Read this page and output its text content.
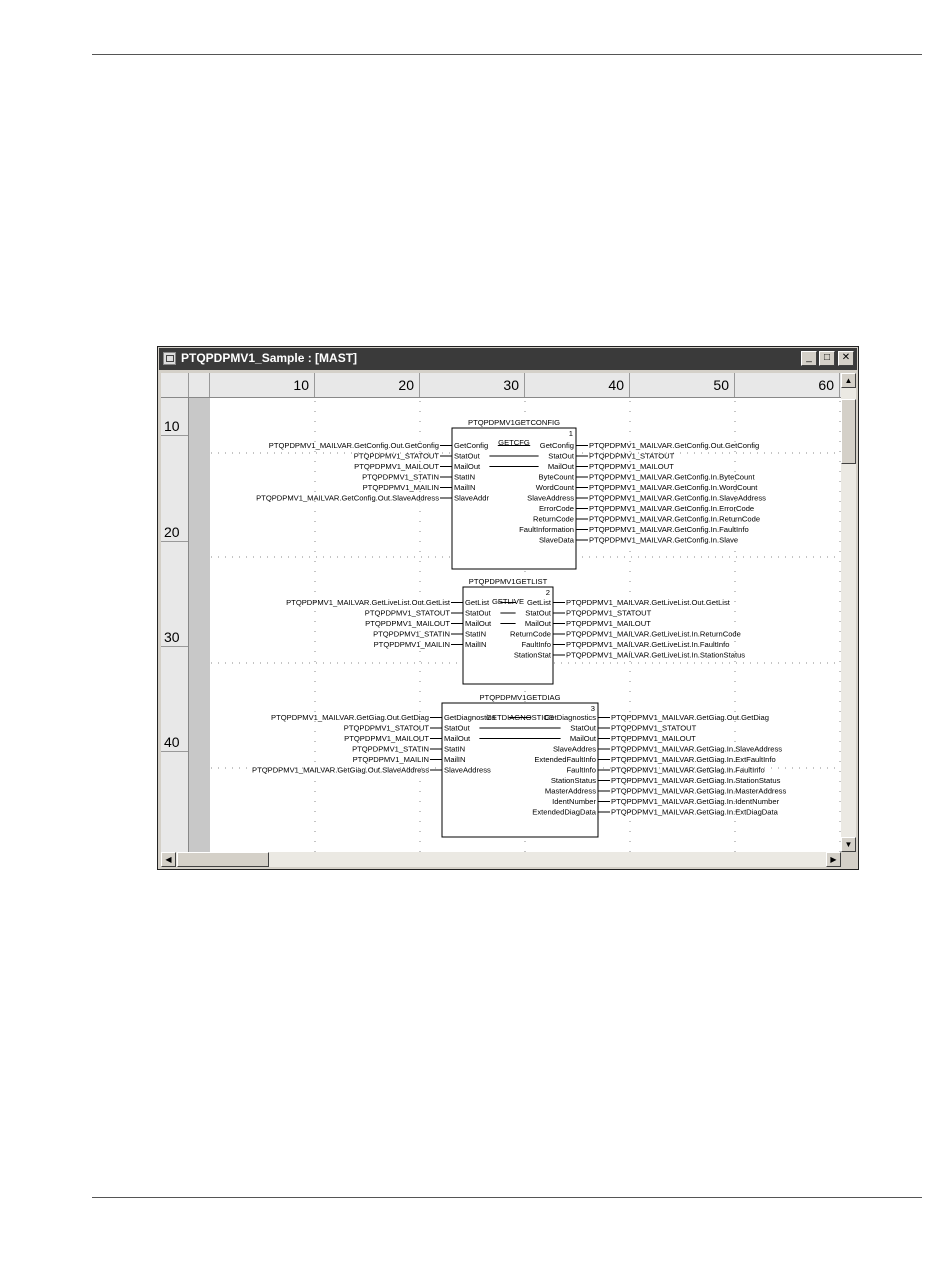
PTQPDPMV1_Sample : [MAST]	_	□	✕
10	20	30	40	50	60
10
20
30
40
PTQPDPMV1GETCONFIG
GETCFG
1
GetConfig
PTQPDPMV1_MAILVAR.GetConfig.Out.GetConfig
StatOut
PTQPDPMV1_STATOUT
MailOut
PTQPDPMV1_MAILOUT
StatIN
PTQPDPMV1_STATIN
MailIN
PTQPDPMV1_MAILIN
SlaveAddr
PTQPDPMV1_MAILVAR.GetConfig.Out.SlaveAddress
GetConfig PTQPDPMV1_MAILVAR.GetConfig.Out.GetConfig
StatOut PTQPDPMV1_STATOUT
MailOut PTQPDPMV1_MAILOUT
ByteCount PTQPDPMV1_MAILVAR.GetConfig.In.ByteCount
WordCount PTQPDPMV1_MAILVAR.GetConfig.In.WordCount
SlaveAddress PTQPDPMV1_MAILVAR.GetConfig.In.SlaveAddress
ErrorCode PTQPDPMV1_MAILVAR.GetConfig.In.ErrorCode
ReturnCode PTQPDPMV1_MAILVAR.GetConfig.In.ReturnCode
FaultInformation PTQPDPMV1_MAILVAR.GetConfig.In.FaultInfo
SlaveData PTQPDPMV1_MAILVAR.GetConfig.In.Slave
PTQPDPMV1GETLIST
GETLIVE
2
GetList
PTQPDPMV1_MAILVAR.GetLiveList.Out.GetList
StatOut
PTQPDPMV1_STATOUT
MailOut
PTQPDPMV1_MAILOUT
StatIN
PTQPDPMV1_STATIN
MailIN
PTQPDPMV1_MAILIN
GetList PTQPDPMV1_MAILVAR.GetLiveList.Out.GetList
StatOut PTQPDPMV1_STATOUT
MailOut PTQPDPMV1_MAILOUT
ReturnCode PTQPDPMV1_MAILVAR.GetLiveList.In.ReturnCode
FaultInfo PTQPDPMV1_MAILVAR.GetLiveList.In.FaultInfo
StationStat PTQPDPMV1_MAILVAR.GetLiveList.In.StationStatus
PTQPDPMV1GETDIAG
GETDIAGNOSTICS
3
GetDiagnostics
PTQPDPMV1_MAILVAR.GetGiag.Out.GetDiag
StatOut
PTQPDPMV1_STATOUT
MailOut
PTQPDPMV1_MAILOUT
StatIN
PTQPDPMV1_STATIN
MailIN
PTQPDPMV1_MAILIN
SlaveAddress
PTQPDPMV1_MAILVAR.GetGiag.Out.SlaveAddress
GetDiagnostics PTQPDPMV1_MAILVAR.GetGiag.Out.GetDiag
StatOut PTQPDPMV1_STATOUT
MailOut PTQPDPMV1_MAILOUT
SlaveAddres PTQPDPMV1_MAILVAR.GetGiag.In.SlaveAddress
ExtendedFaultInfo PTQPDPMV1_MAILVAR.GetGiag.In.ExtFaultInfo
FaultInfo PTQPDPMV1_MAILVAR.GetGiag.In.FaultInfo
StationStatus PTQPDPMV1_MAILVAR.GetGiag.In.StationStatus
MasterAddress PTQPDPMV1_MAILVAR.GetGiag.In.MasterAddress
IdentNumber PTQPDPMV1_MAILVAR.GetGiag.In.IdentNumber
ExtendedDiagData PTQPDPMV1_MAILVAR.GetGiag.In.ExtDiagData
▲
▼
◀	▶
